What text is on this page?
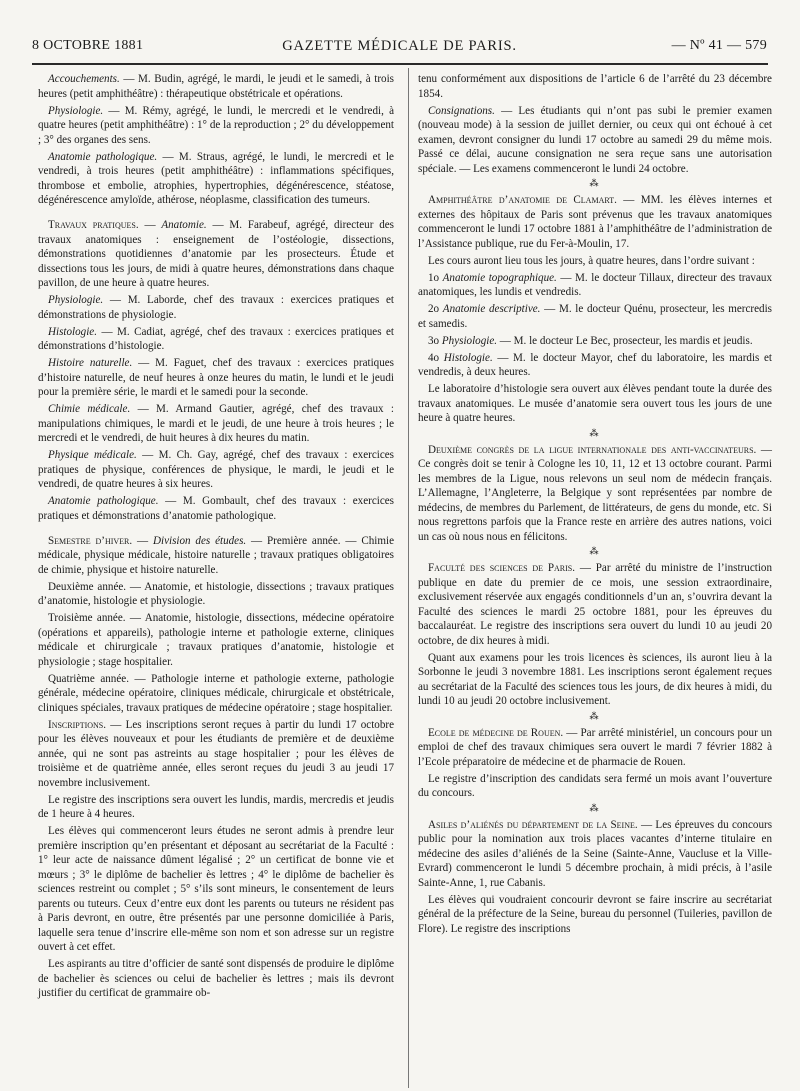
8 OCTOBRE 1881	GAZETTE MÉDICALE DE PARIS.	— Nº 41 — 579

Accouchements. — M. Budin, agrégé, le mardi, le jeudi et le samedi, à trois heures (petit amphithéâtre) : thérapeutique obstétricale et opérations.

Physiologie. — M. Rémy, agrégé, le lundi, le mercredi et le vendredi, à quatre heures (petit amphithéâtre) : 1° de la reproduction ; 2° du développement ; 3° des organes des sens.

Anatomie pathologique. — M. Straus, agrégé, le lundi, le mercredi et le vendredi, à trois heures (petit amphithéâtre) : inflammations spécifiques, thrombose et embolie, atrophies, hypertrophies, dégénérescence, stéatose, dégénérescence amyloïde, athérose, néoplasme, classification des tumeurs.

Travaux pratiques. — Anatomie. — M. Farabeuf, agrégé, directeur des travaux anatomiques : enseignement de l’ostéologie, dissections, démonstrations quotidiennes d’anatomie par les prosecteurs. Étude et dissections tous les jours, de midi à quatre heures, démonstrations dans chaque pavillon, de une heure à quatre heures.

Physiologie. — M. Laborde, chef des travaux : exercices pratiques et démonstrations de physiologie.

Histologie. — M. Cadiat, agrégé, chef des travaux : exercices pratiques et démonstrations d’histologie.

Histoire naturelle. — M. Faguet, chef des travaux : exercices pratiques d’histoire naturelle, de neuf heures à onze heures du matin, le lundi et le jeudi pour la première série, le mardi et le samedi pour la seconde.

Chimie médicale. — M. Armand Gautier, agrégé, chef des travaux : manipulations chimiques, le mardi et le jeudi, de une heure à trois heures ; le mercredi et le vendredi, de huit heures à dix heures du matin.

Physique médicale. — M. Ch. Gay, agrégé, chef des travaux : exercices pratiques de physique, conférences de physique, le mardi, le jeudi et le vendredi, de quatre heures à six heures.

Anatomie pathologique. — M. Gombault, chef des travaux : exercices pratiques et démonstrations d’anatomie pathologique.

Semestre d’hiver. — Division des études. — Première année. — Chimie médicale, physique médicale, histoire naturelle ; travaux pratiques obligatoires de chimie, physique et histoire naturelle.

Deuxième année. — Anatomie, et histologie, dissections ; travaux pratiques d’anatomie, histologie et physiologie.

Troisième année. — Anatomie, histologie, dissections, médecine opératoire (opérations et appareils), pathologie interne et pathologie externe, cliniques médicale et chirurgicale ; travaux pratiques d’anatomie, histologie et physiologie ; stage hospitalier.

Quatrième année. — Pathologie interne et pathologie externe, pathologie générale, médecine opératoire, cliniques médicale, chirurgicale et obstétricale, cliniques spéciales, travaux pratiques de médecine opératoire ; stage hospitalier.

Inscriptions. — Les inscriptions seront reçues à partir du lundi 17 octobre pour les élèves nouveaux et pour les étudiants de première et de deuxième année, qui ne sont pas astreints au stage hospitalier ; pour les élèves de troisième et de quatrième année, elles seront reçues du jeudi 3 au jeudi 17 novembre inclusivement.

Le registre des inscriptions sera ouvert les lundis, mardis, mercredis et jeudis de 1 heure à 4 heures.

Les élèves qui commenceront leurs études ne seront admis à prendre leur première inscription qu’en présentant et déposant au secrétariat de la Faculté : 1° leur acte de naissance dûment légalisé ; 2° un certificat de bonne vie et mœurs ; 3° le diplôme de bachelier ès lettres ; 4° le diplôme de bachelier ès sciences restreint ou complet ; 5° s’ils sont mineurs, le consentement de leurs parents ou tuteurs. Ceux d’entre eux dont les parents ou tuteurs ne résident pas à Paris devront, en outre, être présentés par une personne domiciliée à Paris, laquelle sera tenue d’inscrire elle-même son nom et son adresse sur un registre ouvert à cet effet.

Les aspirants au titre d’officier de santé sont dispensés de produire le diplôme de bachelier ès sciences ou celui de bachelier ès lettres ; mais ils devront justifier du certificat de grammaire ob-

tenu conformément aux dispositions de l’article 6 de l’arrêté du 23 décembre 1854.

Consignations. — Les étudiants qui n’ont pas subi le premier examen (nouveau mode) à la session de juillet dernier, ou ceux qui ont échoué à cet examen, devront consigner du lundi 17 octobre au samedi 29 du même mois. Passé ce délai, aucune consignation ne sera reçue sans une autorisation spéciale. — Les examens commenceront le lundi 24 octobre.

⁂

Amphithéâtre d’anatomie de Clamart. — MM. les élèves internes et externes des hôpitaux de Paris sont prévenus que les travaux anatomiques commenceront le lundi 17 octobre 1881 à l’amphithéâtre de l’administration de l’Assistance publique, rue du Fer-à-Moulin, 17.

Les cours auront lieu tous les jours, à quatre heures, dans l’ordre suivant :

1o Anatomie topographique. — M. le docteur Tillaux, directeur des travaux anatomiques, les lundis et vendredis.

2o Anatomie descriptive. — M. le docteur Quénu, prosecteur, les mercredis et samedis.

3o Physiologie. — M. le docteur Le Bec, prosecteur, les mardis et jeudis.

4o Histologie. — M. le docteur Mayor, chef du laboratoire, les mardis et vendredis, à deux heures.

Le laboratoire d’histologie sera ouvert aux élèves pendant toute la durée des travaux anatomiques. Le musée d’anatomie sera ouvert tous les jours de une heure à quatre heures.

⁂

Deuxième congrès de la ligue internationale des anti-vaccinateurs. — Ce congrès doit se tenir à Cologne les 10, 11, 12 et 13 octobre courant. Parmi les membres de la Ligue, nous relevons un seul nom de médecin français. L’Allemagne, l’Angleterre, la Belgique y sont représentées par nombre de médecins, de membres du Parlement, de littérateurs, de gens du monde, etc. Si nous regrettons parfois que la France reste en arrière des autres nations, voici un cas où nous nous en félicitons.

⁂

Faculté des sciences de Paris. — Par arrêté du ministre de l’instruction publique en date du premier de ce mois, une session extraordinaire, exclusivement réservée aux engagés conditionnels d’un an, s’ouvrira devant la Faculté des sciences le mardi 25 octobre 1881, pour les épreuves du baccalauréat. Le registre des inscriptions sera ouvert du lundi 10 au jeudi 20 octobre, de dix heures à midi.

Quant aux examens pour les trois licences ès sciences, ils auront lieu à la Sorbonne le jeudi 3 novembre 1881. Les inscriptions seront également reçues au secrétariat de la Faculté des sciences tous les jours, de dix heures à midi, du lundi 10 au jeudi 20 octobre inclusivement.

⁂

Ecole de médecine de Rouen. — Par arrêté ministériel, un concours pour un emploi de chef des travaux chimiques sera ouvert le mardi 7 février 1882 à l’Ecole préparatoire de médecine et de pharmacie de Rouen.

Le registre d’inscription des candidats sera fermé un mois avant l’ouverture du concours.

⁂

Asiles d’aliénés du département de la Seine. — Les épreuves du concours public pour la nomination aux trois places vacantes d’interne titulaire en médecine des asiles d’aliénés de la Seine (Sainte-Anne, Vaucluse et la Ville-Evrard) commenceront le lundi 5 décembre prochain, à midi précis, à l’asile Sainte-Anne, 1, rue Cabanis.

Les élèves qui voudraient concourir devront se faire inscrire au secrétariat général de la préfecture de la Seine, bureau du personnel (Tuileries, pavillon de Flore). Le registre des inscriptions
